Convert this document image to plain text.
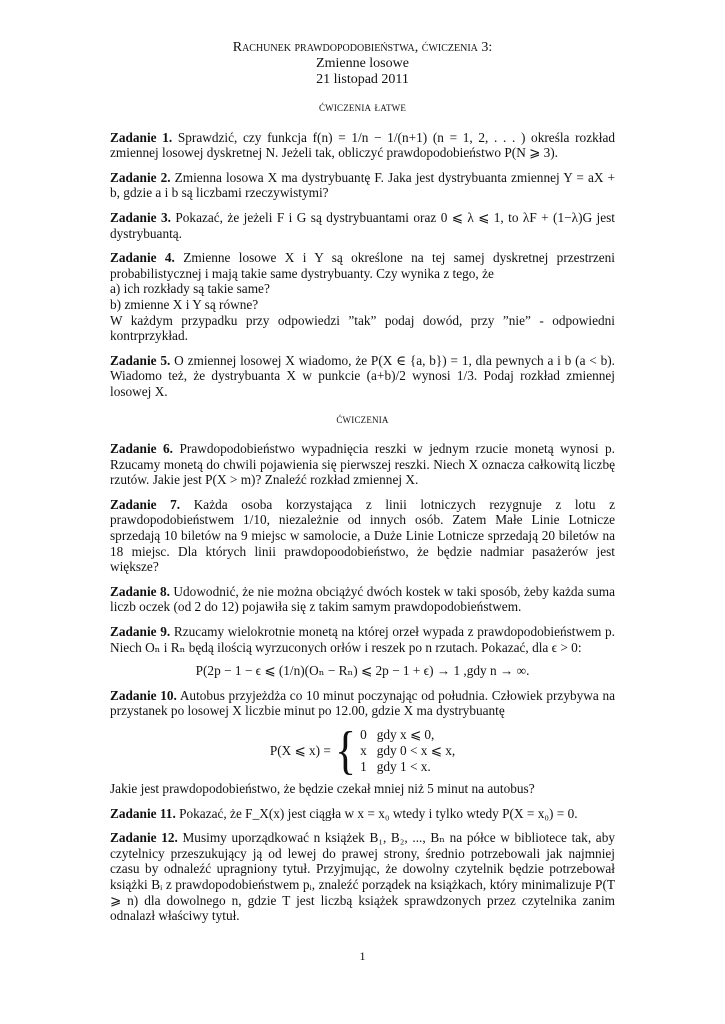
Rachunek prawdopodobieństwa, ćwiczenia 3:
Zmienne losowe
21 listopad 2011
ćwiczenia łatwe
Zadanie 1. Sprawdzić, czy funkcja f(n) = 1/n − 1/(n+1) (n = 1, 2, . . . ) określa rozkład zmiennej losowej dyskretnej N. Jeżeli tak, obliczyć prawdopodobieństwo P(N ⩾ 3).
Zadanie 2. Zmienna losowa X ma dystrybuantę F. Jaka jest dystrybuanta zmiennej Y = aX + b, gdzie a i b są liczbami rzeczywistymi?
Zadanie 3. Pokazać, że jeżeli F i G są dystrybuantami oraz 0 ⩽ λ ⩽ 1, to λF + (1−λ)G jest dystrybuantą.
Zadanie 4. Zmienne losowe X i Y są określone na tej samej dyskretnej przestrzeni probabilistycznej i mają takie same dystrybuanty. Czy wynika z tego, że
a) ich rozkłady są takie same?
b) zmienne X i Y są równe?
W każdym przypadku przy odpowiedzi ”tak” podaj dowód, przy ”nie” - odpowiedni kontrprzykład.
Zadanie 5. O zmiennej losowej X wiadomo, że P(X ∈ {a, b}) = 1, dla pewnych a i b (a < b). Wiadomo też, że dystrybuanta X w punkcie (a+b)/2 wynosi 1/3. Podaj rozkład zmiennej losowej X.
ćwiczenia
Zadanie 6. Prawdopodobieństwo wypadnięcia reszki w jednym rzucie monetą wynosi p. Rzucamy monetą do chwili pojawienia się pierwszej reszki. Niech X oznacza całkowitą liczbę rzutów. Jakie jest P(X > m)? Znaleźć rozkład zmiennej X.
Zadanie 7. Każda osoba korzystająca z linii lotniczych rezygnuje z lotu z prawdopodobieństwem 1/10, niezależnie od innych osób. Zatem Małe Linie Lotnicze sprzedają 10 biletów na 9 miejsc w samolocie, a Duże Linie Lotnicze sprzedają 20 biletów na 18 miejsc. Dla których linii prawdopoodobieństwo, że będzie nadmiar pasażerów jest większe?
Zadanie 8. Udowodnić, że nie można obciążyć dwóch kostek w taki sposób, żeby każda suma liczb oczek (od 2 do 12) pojawiła się z takim samym prawdopodobieństwem.
Zadanie 9. Rzucamy wielokrotnie monetą na której orzeł wypada z prawdopodobieństwem p. Niech Oₙ i Rₙ będą ilością wyrzuconych orłów i reszek po n rzutach. Pokazać, dla ϵ > 0:
P(2p − 1 − ϵ ⩽ (1/n)(Oₙ − Rₙ) ⩽ 2p − 1 + ϵ) → 1 ,gdy n → ∞.
Zadanie 10. Autobus przyjeżdża co 10 minut poczynając od południa. Człowiek przybywa na przystanek po losowej X liczbie minut po 12.00, gdzie X ma dystrybuantę
P(X ⩽ x) = { 0 gdy x ⩽ 0,
x gdy 0 < x ⩽ x,
1 gdy 1 < x.
Jakie jest prawdopodobieństwo, że będzie czekał mniej niż 5 minut na autobus?
Zadanie 11. Pokazać, że F_X(x) jest ciągła w x = x₀ wtedy i tylko wtedy P(X = x₀) = 0.
Zadanie 12. Musimy uporządkować n książek B₁, B₂, ..., Bₙ na półce w bibliotece tak, aby czytelnicy przeszukujący ją od lewej do prawej strony, średnio potrzebowali jak najmniej czasu by odnaleźć upragniony tytuł. Przyjmując, że dowolny czytelnik będzie potrzebował książki Bᵢ z prawdopodobieństwem pᵢ, znaleźć porządek na książkach, który minimalizuje P(T ⩾ n) dla dowolnego n, gdzie T jest liczbą książek sprawdzonych przez czytelnika zanim odnalazł właściwy tytuł.
1
